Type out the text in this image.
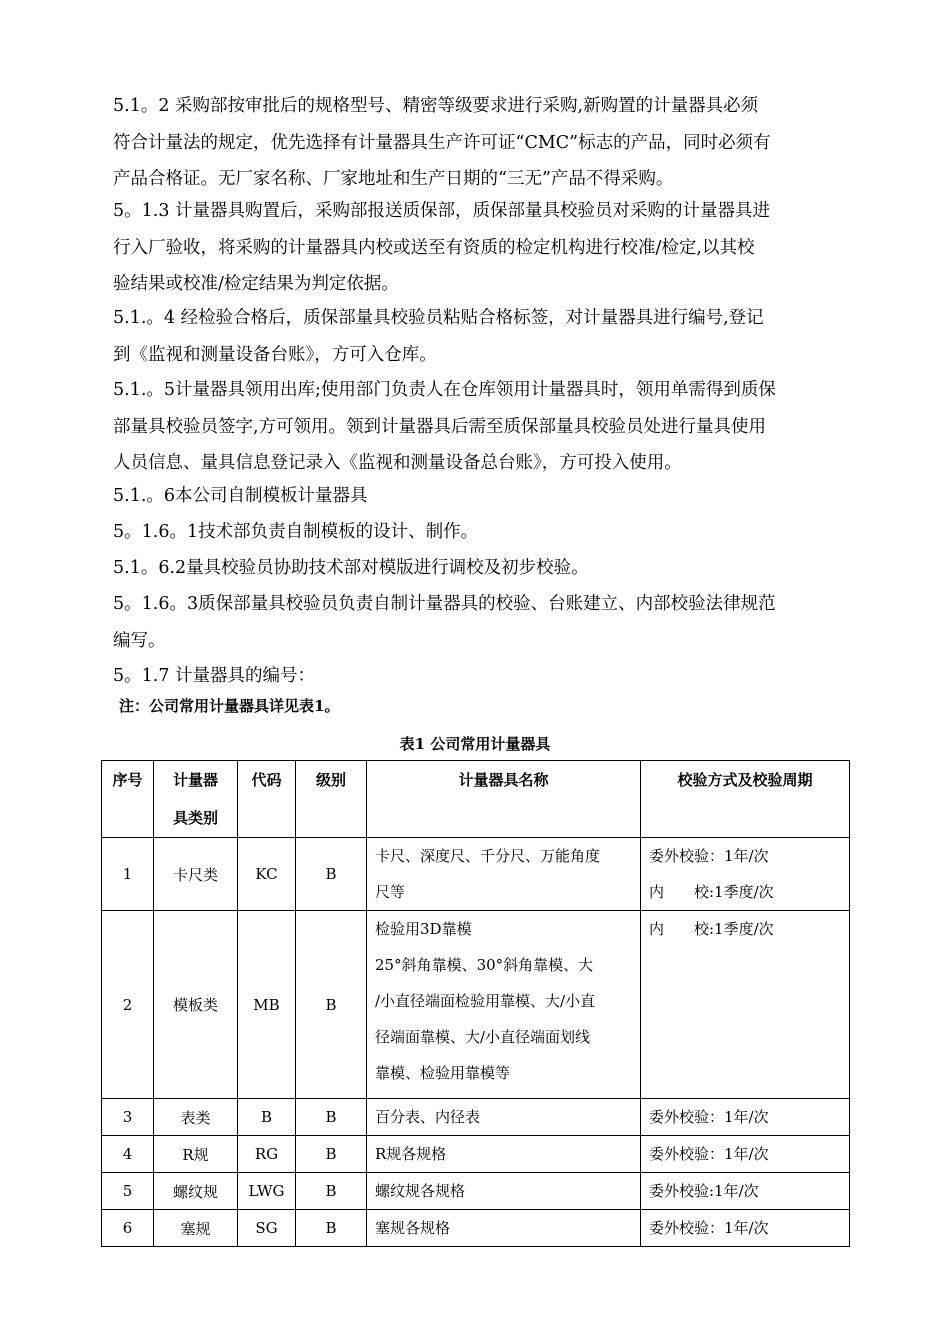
5.1。2 采购部按审批后的规格型号、精密等级要求进行采购,新购置的计量器具必须
符合计量法的规定，优先选择有计量器具生产许可证“CMC”标志的产品，同时必须有
产品合格证。无厂家名称、厂家地址和生产日期的“三无”产品不得采购。
5。1.3 计量器具购置后，采购部报送质保部，质保部量具校验员对采购的计量器具进
行入厂验收，将采购的计量器具内校或送至有资质的检定机构进行校准/检定,以其校
验结果或校准/检定结果为判定依据。
5.1.。4 经检验合格后，质保部量具校验员粘贴合格标签，对计量器具进行编号,登记
到《监视和测量设备台账》，方可入仓库。
5.1.。5计量器具领用出库;使用部门负责人在仓库领用计量器具时，领用单需得到质保
部量具校验员签字,方可领用。领到计量器具后需至质保部量具校验员处进行量具使用
人员信息、量具信息登记录入《监视和测量设备总台账》，方可投入使用。
5.1.。6本公司自制模板计量器具
5。1.6。1技术部负责自制模板的设计、制作。
5.1。6.2量具校验员协助技术部对模版进行调校及初步校验。
5。1.6。3质保部量具校验员负责自制计量器具的校验、台账建立、内部校验法律规范
编写。
5。1.7 计量器具的编号：
注：公司常用计量器具详见表1。
表1 公司常用计量器具
序号	计量器
具类别	代码	级别	计量器具名称	校验方式及校验周期
1	卡尺类	KC	B	卡尺、深度尺、千分尺、万能角度
尺等	委外校验：1年/次
内　　校:1季度/次

2	模板类	MB	B	检验用3D靠模
25°斜角靠模、30°斜角靠模、大
/小直径端面检验用靠模、大/小直
径端面靠模、大/小直径端面划线
靠模、检验用靠模等	内　　校:1季度/次

3	表类	B	B	百分表、内径表	委外校验：1年/次

4	R规	RG	B	R规各规格	委外校验：1年/次

5	螺纹规	LWG	B	螺纹规各规格	委外校验:1年/次

6	塞规	SG	B	塞规各规格	委外校验：1年/次
